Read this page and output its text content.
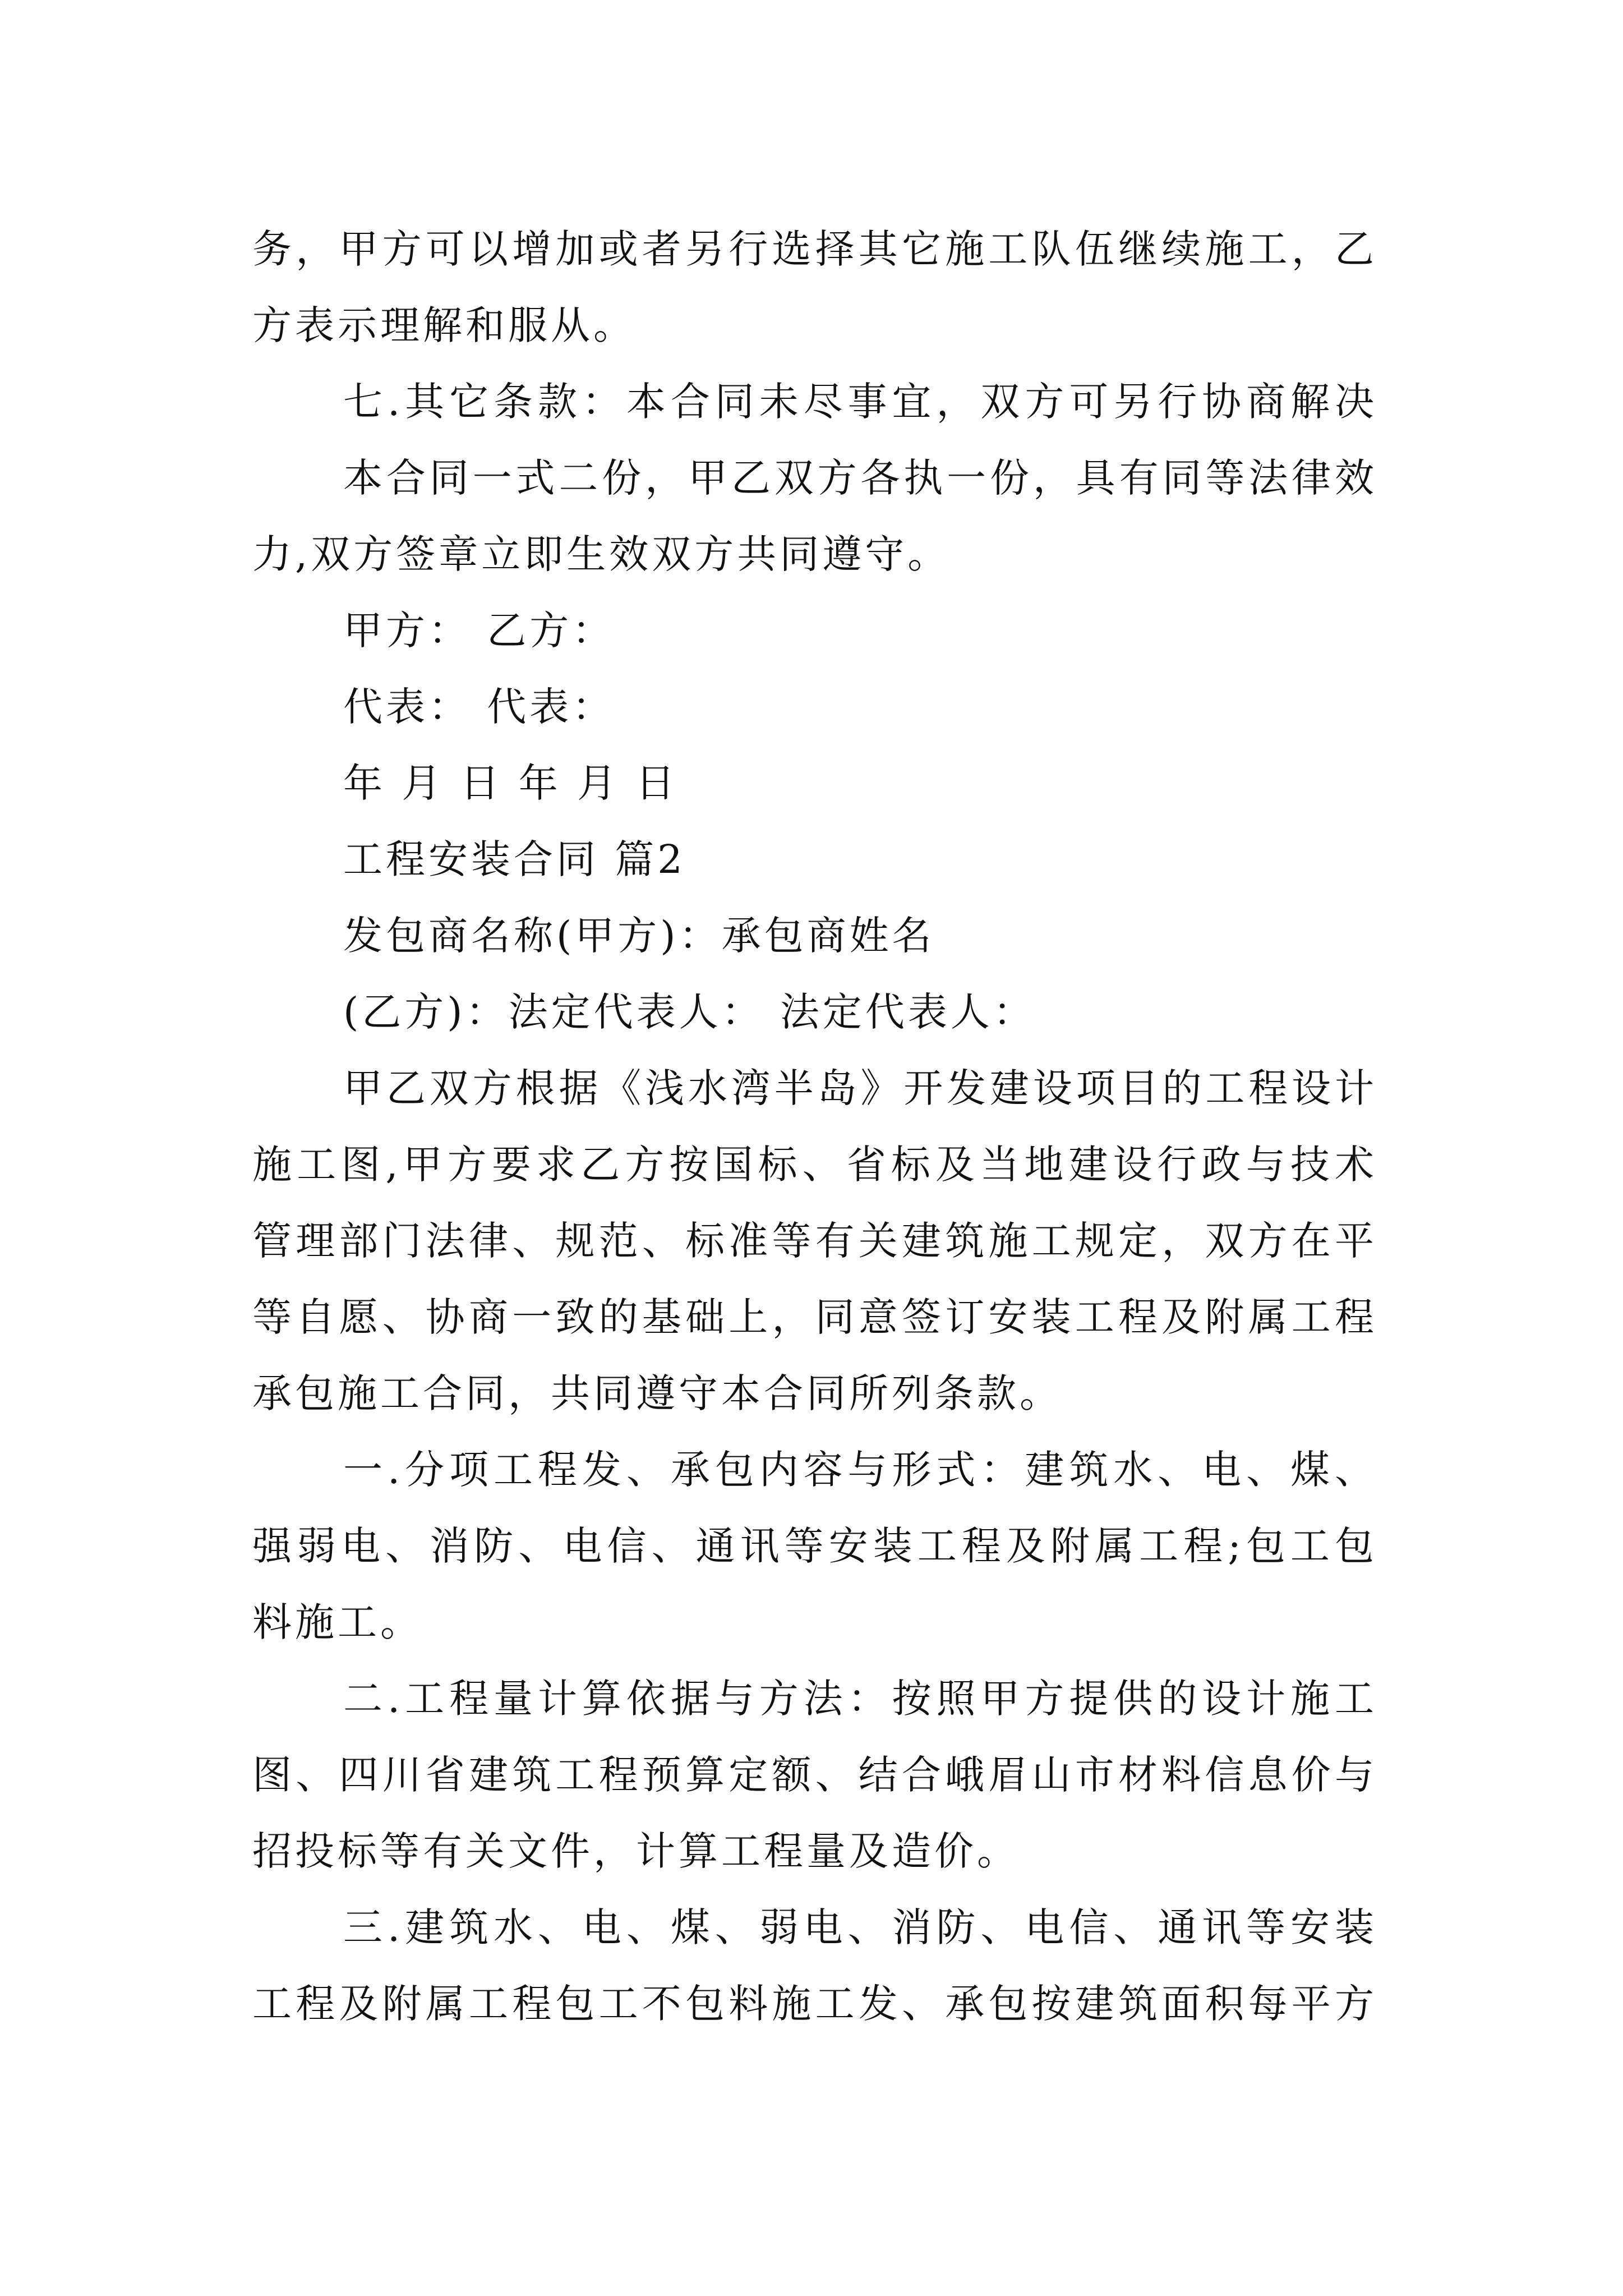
务，甲方可以增加或者另行选择其它施工队伍继续施工，乙
方表示理解和服从。
七.其它条款：本合同未尽事宜，双方可另行协商解决
本合同一式二份，甲乙双方各执一份，具有同等法律效
力,双方签章立即生效双方共同遵守。
甲方： 乙方：
代表： 代表：
年 月 日 年 月 日
工程安装合同 篇2
发包商名称(甲方)：承包商姓名
(乙方)：法定代表人： 法定代表人：
甲乙双方根据《浅水湾半岛》开发建设项目的工程设计
施工图,甲方要求乙方按国标、省标及当地建设行政与技术
管理部门法律、规范、标准等有关建筑施工规定，双方在平
等自愿、协商一致的基础上，同意签订安装工程及附属工程
承包施工合同，共同遵守本合同所列条款。
一.分项工程发、承包内容与形式：建筑水、电、煤、
强弱电、消防、电信、通讯等安装工程及附属工程;包工包
料施工。
二.工程量计算依据与方法：按照甲方提供的设计施工
图、四川省建筑工程预算定额、结合峨眉山市材料信息价与
招投标等有关文件，计算工程量及造价。
三.建筑水、电、煤、弱电、消防、电信、通讯等安装
工程及附属工程包工不包料施工发、承包按建筑面积每平方
